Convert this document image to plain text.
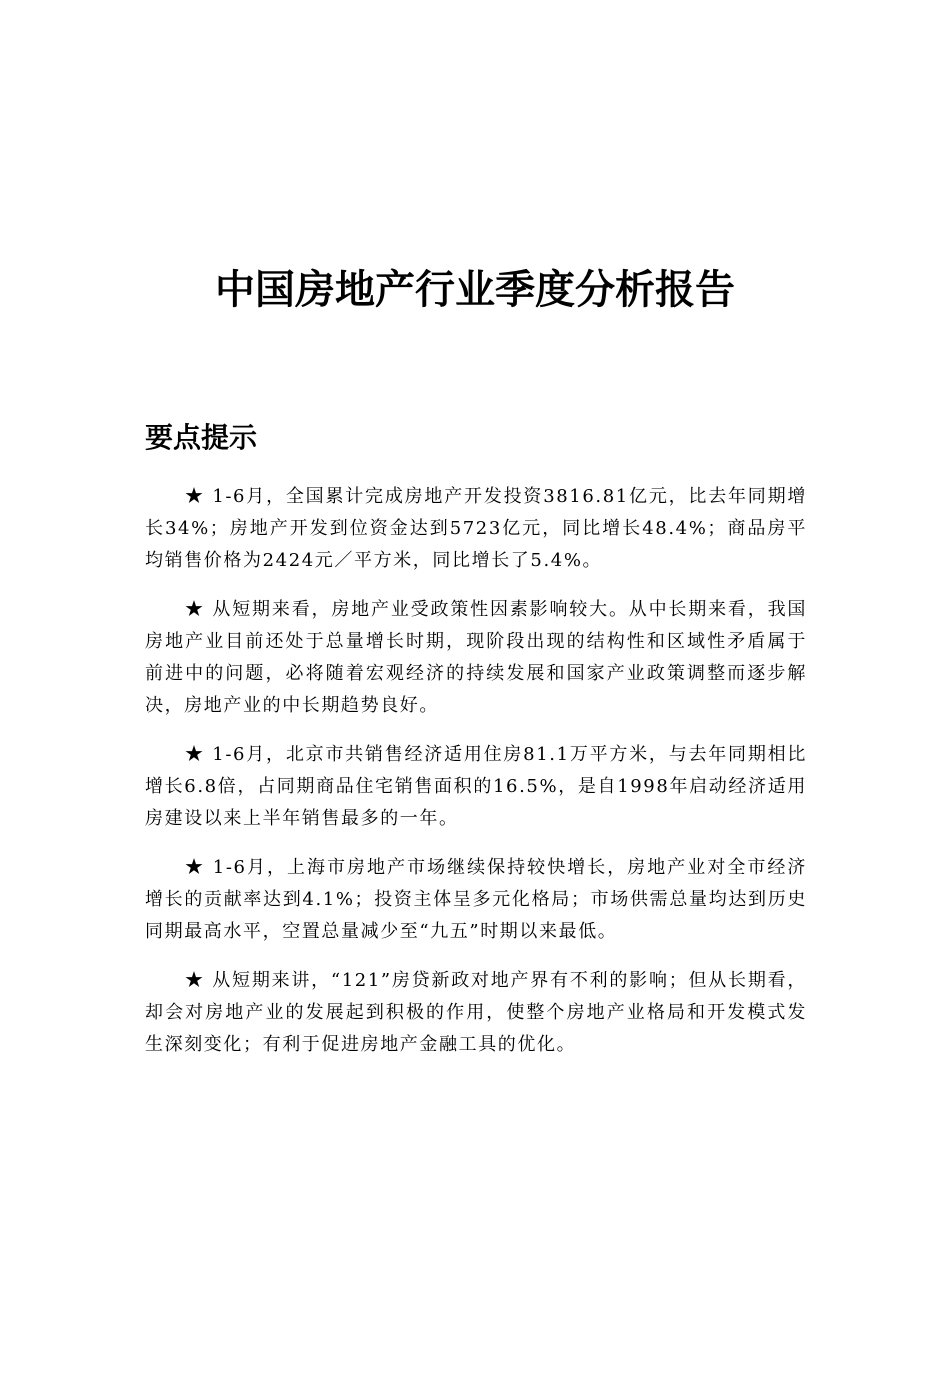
中国房地产行业季度分析报告
要点提示

★ 1-6月，全国累计完成房地产开发投资3816.81亿元，比去年同期增长34%；房地产开发到位资金达到5723亿元，同比增长48.4%；商品房平均销售价格为2424元／平方米，同比增长了5.4%。

★ 从短期来看，房地产业受政策性因素影响较大。从中长期来看，我国房地产业目前还处于总量增长时期，现阶段出现的结构性和区域性矛盾属于前进中的问题，必将随着宏观经济的持续发展和国家产业政策调整而逐步解决，房地产业的中长期趋势良好。

★ 1-6月，北京市共销售经济适用住房81.1万平方米，与去年同期相比增长6.8倍，占同期商品住宅销售面积的16.5%，是自1998年启动经济适用房建设以来上半年销售最多的一年。

★ 1-6月，上海市房地产市场继续保持较快增长，房地产业对全市经济增长的贡献率达到4.1%；投资主体呈多元化格局；市场供需总量均达到历史同期最高水平，空置总量减少至“九五”时期以来最低。

★ 从短期来讲，“121”房贷新政对地产界有不利的影响；但从长期看，却会对房地产业的发展起到积极的作用，使整个房地产业格局和开发模式发生深刻变化；有利于促进房地产金融工具的优化。
